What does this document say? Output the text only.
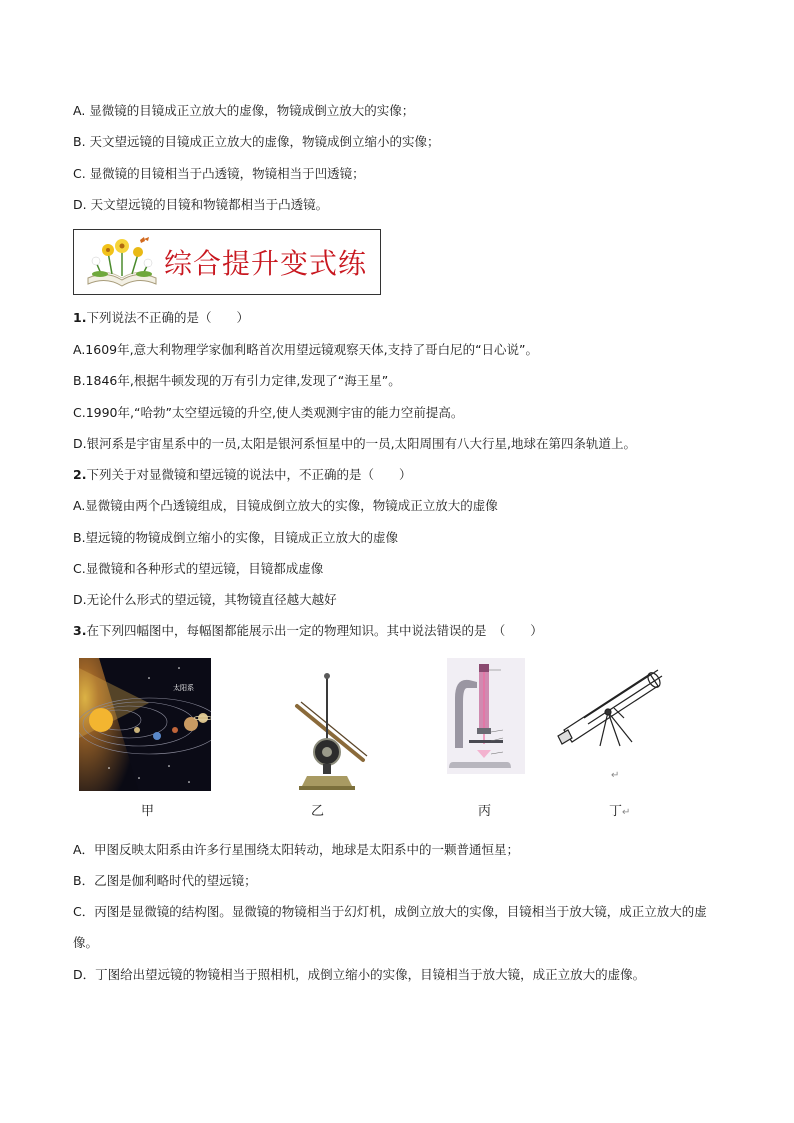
A. 显微镜的目镜成正立放大的虚像，物镜成倒立放大的实像；
B. 天文望远镜的目镜成正立放大的虚像，物镜成倒立缩小的实像；
C. 显微镜的目镜相当于凸透镜，物镜相当于凹透镜；
D. 天文望远镜的目镜和物镜都相当于凸透镜。
综合提升变式练
1.下列说法不正确的是（　　）
A.1609年,意大利物理学家伽利略首次用望远镜观察天体,支持了哥白尼的“日心说”。
B.1846年,根据牛顿发现的万有引力定律,发现了“海王星”。
C.1990年,“哈勃”太空望远镜的升空,使人类观测宇宙的能力空前提高。
D.银河系是宇宙星系中的一员,太阳是银河系恒星中的一员,太阳周围有八大行星,地球在第四条轨道上。
2.下列关于对显微镜和望远镜的说法中，不正确的是（　　）
A.显微镜由两个凸透镜组成，目镜成倒立放大的实像，物镜成正立放大的虚像
B.望远镜的物镜成倒立缩小的实像，目镜成正立放大的虚像
C.显微镜和各种形式的望远镜，目镜都成虚像
D.无论什么形式的望远镜，其物镜直径越大越好
3.在下列四幅图中，每幅图都能展示出一定的物理知识。其中说法错误的是　（　　）
太阳系
↵
甲	乙	丙	丁↵
A．甲图反映太阳系由许多行星围绕太阳转动，地球是太阳系中的一颗普通恒星；
B．乙图是伽利略时代的望远镜；
C．丙图是显微镜的结构图。显微镜的物镜相当于幻灯机，成倒立放大的实像，目镜相当于放大镜，成正立放大的虚像。
D．丁图给出望远镜的物镜相当于照相机，成倒立缩小的实像，目镜相当于放大镜，成正立放大的虚像。
